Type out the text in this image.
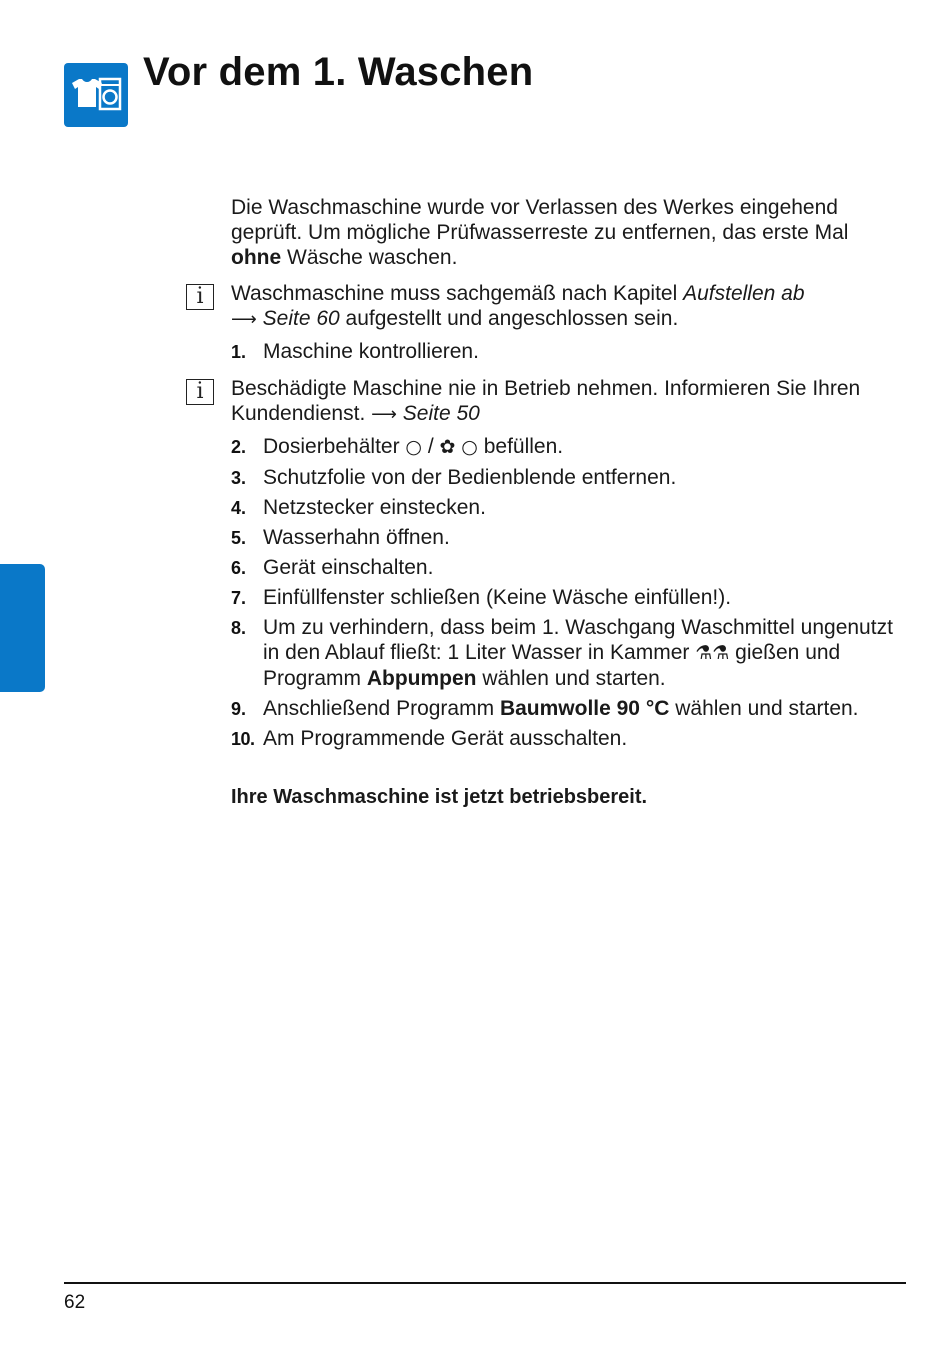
Vor dem 1. Waschen

Die Waschmaschine wurde vor Verlassen des Werkes eingehend geprüft. Um mögliche Prüfwasserreste zu entfernen, das erste Mal ohne Wäsche waschen.

i	Waschmaschine muss sachgemäß nach Kapitel Aufstellen ab
⟶ Seite 60 aufgestellt und angeschlossen sein.

1. Maschine kontrollieren.

i	Beschädigte Maschine nie in Betrieb nehmen. Informieren Sie Ihren Kundendienst. ⟶ Seite 50

2. Dosierbehälter ○ / ✿ ○ befüllen.

3. Schutzfolie von der Bedienblende entfernen.

4. Netzstecker einstecken.

5. Wasserhahn öffnen.

6. Gerät einschalten.

7. Einfüllfenster schließen (Keine Wäsche einfüllen!).

8. Um zu verhindern, dass beim 1. Waschgang Waschmittel ungenutzt in den Ablauf fließt: 1 Liter Wasser in Kammer ⚗⚗ gießen und Programm Abpumpen wählen und starten.

9. Anschließend Programm Baumwolle 90 °C wählen und starten.

10. Am Programmende Gerät ausschalten.

Ihre Waschmaschine ist jetzt betriebsbereit.

62
